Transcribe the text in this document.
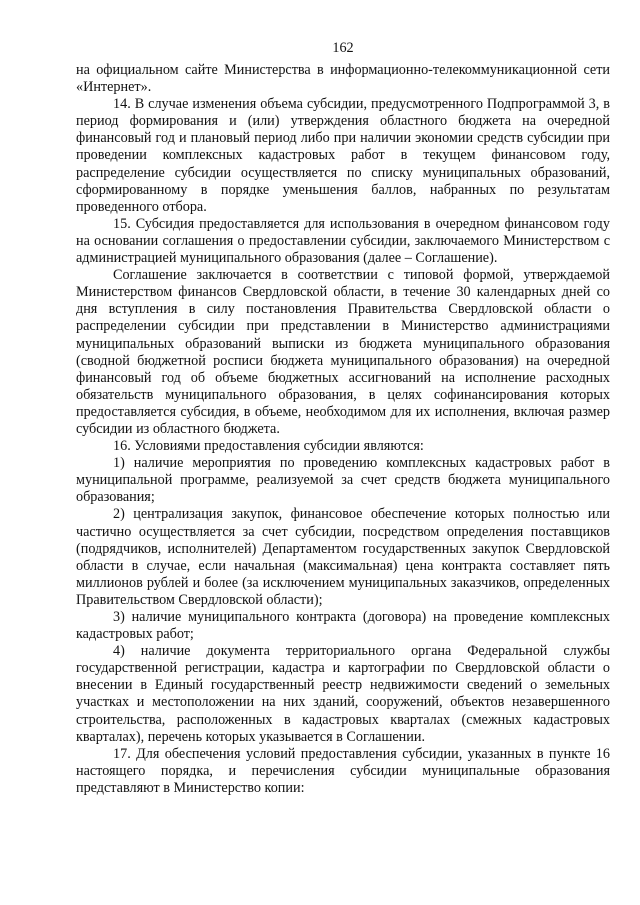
162

на официальном сайте Министерства в информационно-телекоммуникационной сети «Интернет».

14. В случае изменения объема субсидии, предусмотренного Подпрограммой 3, в период формирования и (или) утверждения областного бюджета на очередной финансовый год и плановый период либо при наличии экономии средств субсидии при проведении комплексных кадастровых работ в текущем финансовом году, распределение субсидии осуществляется по списку муниципальных образований, сформированному в порядке уменьшения баллов, набранных по результатам проведенного отбора.

15. Субсидия предоставляется для использования в очередном финансовом году на основании соглашения о предоставлении субсидии, заключаемого Министерством с администрацией муниципального образования (далее – Соглашение).

Соглашение заключается в соответствии с типовой формой, утверждаемой Министерством финансов Свердловской области, в течение 30 календарных дней со дня вступления в силу постановления Правительства Свердловской области о распределении субсидии при представлении в Министерство администрациями муниципальных образований выписки из бюджета муниципального образования (сводной бюджетной росписи бюджета муниципального образования) на очередной финансовый год об объеме бюджетных ассигнований на исполнение расходных обязательств муниципального образования, в целях софинансирования которых предоставляется субсидия, в объеме, необходимом для их исполнения, включая размер субсидии из областного бюджета.

16. Условиями предоставления субсидии являются:

1) наличие мероприятия по проведению комплексных кадастровых работ в муниципальной программе, реализуемой за счет средств бюджета муниципального образования;

2) централизация закупок, финансовое обеспечение которых полностью или частично осуществляется за счет субсидии, посредством определения поставщиков (подрядчиков, исполнителей) Департаментом государственных закупок Свердловской области в случае, если начальная (максимальная) цена контракта составляет пять миллионов рублей и более (за исключением муниципальных заказчиков, определенных Правительством Свердловской области);

3) наличие муниципального контракта (договора) на проведение комплексных кадастровых работ;

4) наличие документа территориального органа Федеральной службы государственной регистрации, кадастра и картографии по Свердловской области о внесении в Единый государственный реестр недвижимости сведений о земельных участках и местоположении на них зданий, сооружений, объектов незавершенного строительства, расположенных в кадастровых кварталах (смежных кадастровых кварталах), перечень которых указывается в Соглашении.

17. Для обеспечения условий предоставления субсидии, указанных в пункте 16 настоящего порядка, и перечисления субсидии муниципальные образования представляют в Министерство копии:
